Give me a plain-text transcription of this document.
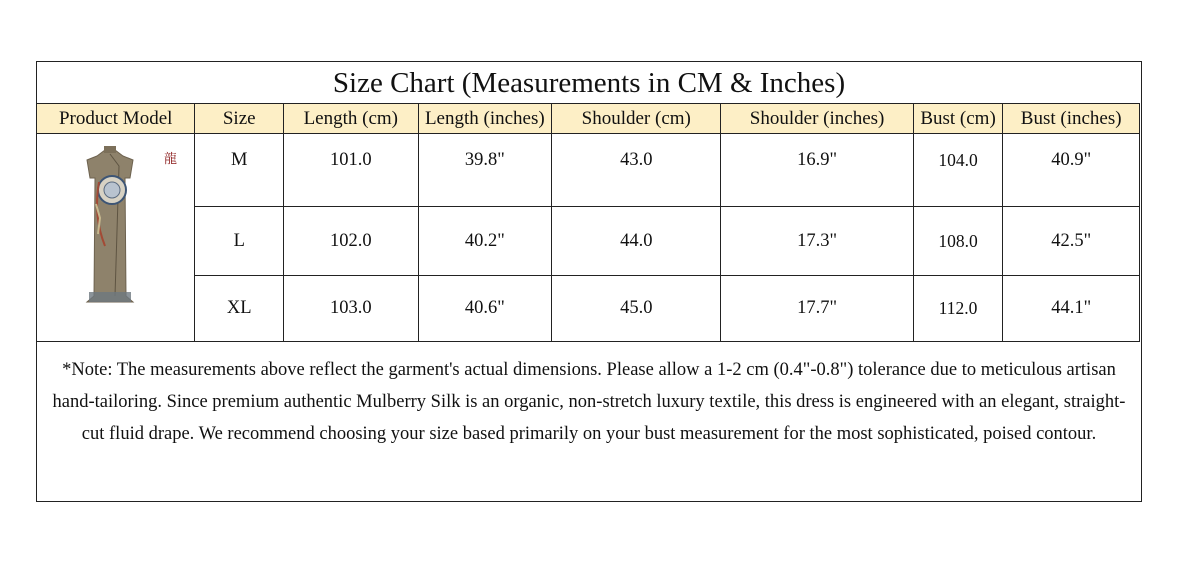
Size Chart (Measurements in CM & Inches)
Product Model	Size	Length (cm)	Length (inches)	Shoulder (cm)	Shoulder (inches)	Bust (cm)	Bust (inches)

龍	M	101.0	39.8"	43.0	16.9"	104.0	40.9"
	L	102.0	40.2"	44.0	17.3"	108.0	42.5"
	XL	103.0	40.6"	45.0	17.7"	112.0	44.1"
*Note: The measurements above reflect the garment's actual dimensions. Please allow a 1-2 cm (0.4"-0.8") tolerance due to meticulous artisan hand-tailoring. Since premium authentic Mulberry Silk is an organic, non-stretch luxury textile, this dress is engineered with an elegant, straight-cut fluid drape. We recommend choosing your size based primarily on your bust measurement for the most sophisticated, poised contour.
